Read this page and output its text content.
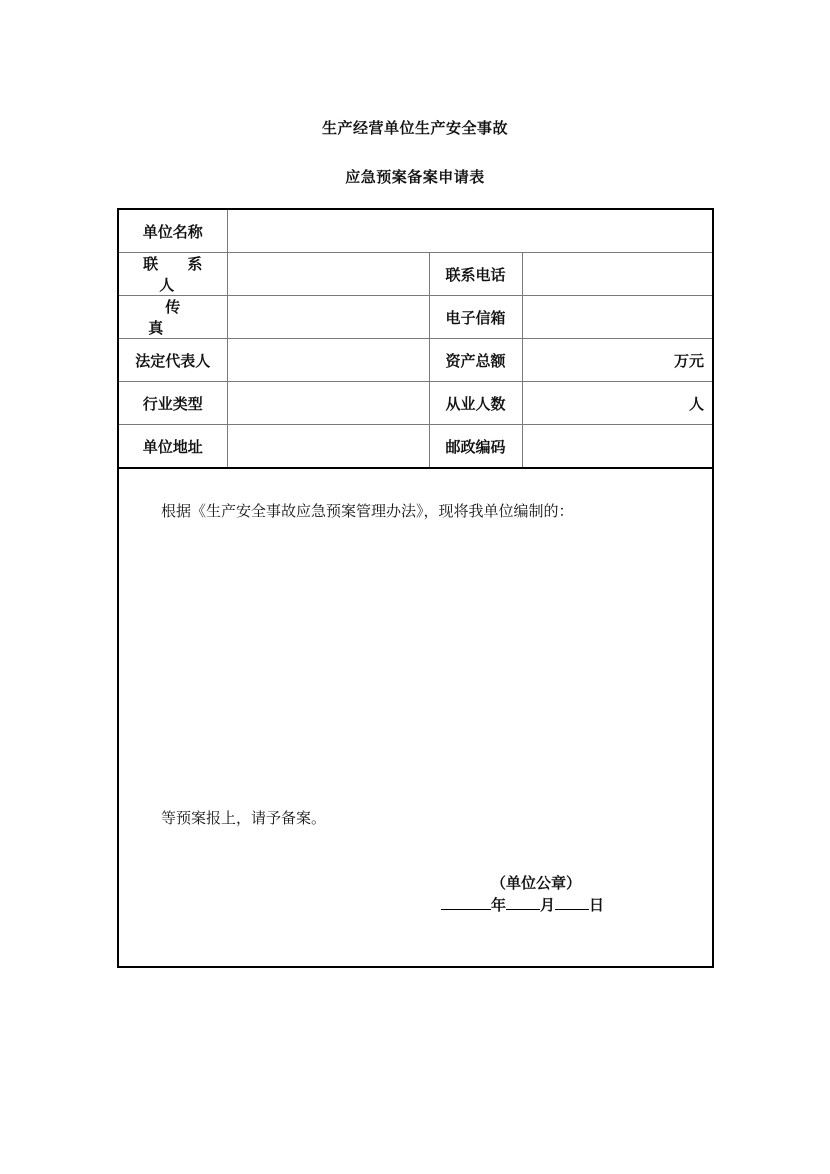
生产经营单位生产安全事故
应急预案备案申请表
单位名称			
联 系 人		联系电话	
传 真		电子信箱	
法定代表人		资产总额	万元
行业类型		从业人数	人
单位地址		邮政编码	
根据《生产安全事故应急预案管理办法》，现将我单位编制的：
等预案报上，请予备案。
（单位公章）
年 月 日
